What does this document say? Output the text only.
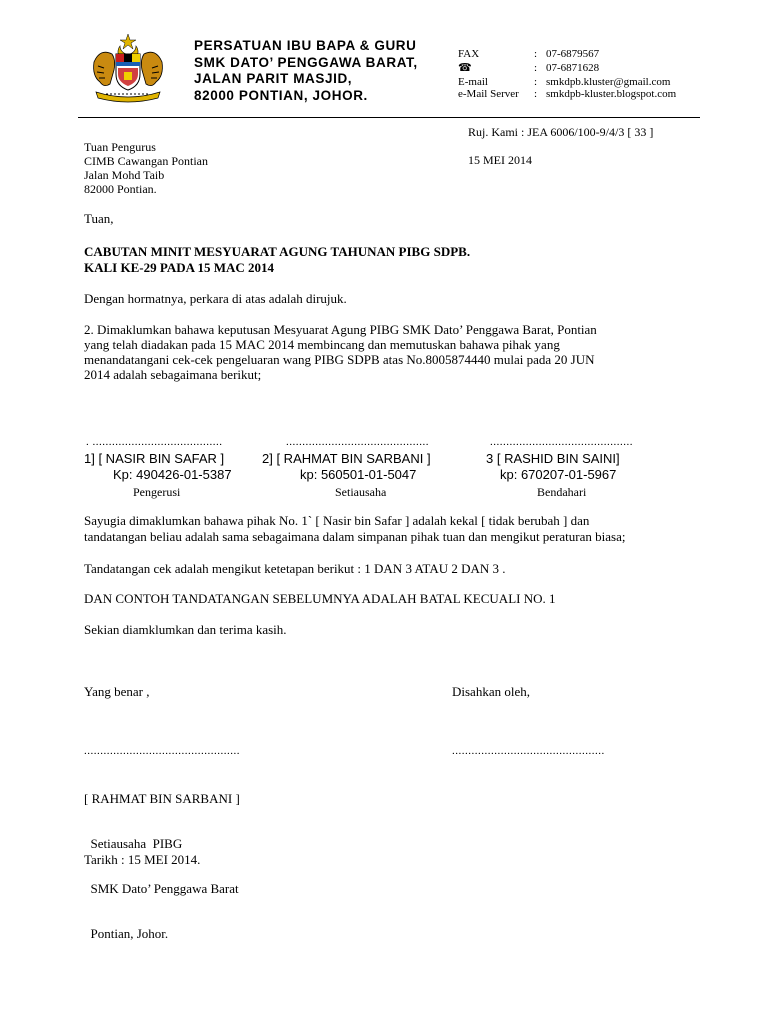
PERSATUAN IBU BAPA & GURU
SMK DATO’ PENGGAWA BARAT,
JALAN PARIT MASJID,
82000 PONTIAN, JOHOR.
FAX	: 07-6879567
☎	: 07-6871628
E-mail	: smkdpb.kluster@gmail.com
e-Mail Server : smkdpb-kluster.blogspot.com
Ruj. Kami : JEA 6006/100-9/4/3 [ 33 ]
15 MEI 2014
Tuan Pengurus
CIMB Cawangan Pontian
Jalan Mohd Taib
82000 Pontian.
Tuan,
CABUTAN MINIT MESYUARAT AGUNG TAHUNAN PIBG SDPB.
KALI KE-29 PADA 15 MAC 2014
Dengan hormatnya, perkara di atas adalah dirujuk.
2. Dimaklumkan bahawa keputusan Mesyuarat Agung PIBG SMK Dato’ Penggawa Barat, Pontian
yang telah diadakan pada 15 MAC 2014 membincang dan memutuskan bahawa pihak yang
menandatangani cek-cek pengeluaran wang PIBG SDPB atas No.8005874440 mulai pada 20 JUN
2014 adalah sebagaimana berikut;
. ........................................	............................................	............................................
1] [ NASIR BIN SAFAR ]	2] [ RAHMAT BIN SARBANI ]	3 [ RASHID BIN SAINI]
Kp: 490426-01-5387	kp: 560501-01-5047	kp: 670207-01-5967
Pengerusi	Setiausaha	Bendahari
Sayugia dimaklumkan bahawa pihak No. 1` [ Nasir bin Safar ] adalah kekal [ tidak berubah ] dan
tandatangan beliau adalah sama sebagaimana dalam simpanan pihak tuan dan mengikut peraturan biasa;
Tandatangan cek adalah mengikut ketetapan berikut : 1 DAN 3 ATAU 2 DAN 3 .
DAN CONTOH TANDATANGAN SEBELUMNYA ADALAH BATAL KECUALI NO. 1
Sekian diamklumkan dan terima kasih.
Yang benar ,	Disahkan oleh,
................................................	...............................................

[ RAHMAT BIN SARBANI ]

Setiausaha  PIBG

SMK Dato’ Penggawa Barat

Pontian, Johor.

Tarikh : 15 MEI 2014.
